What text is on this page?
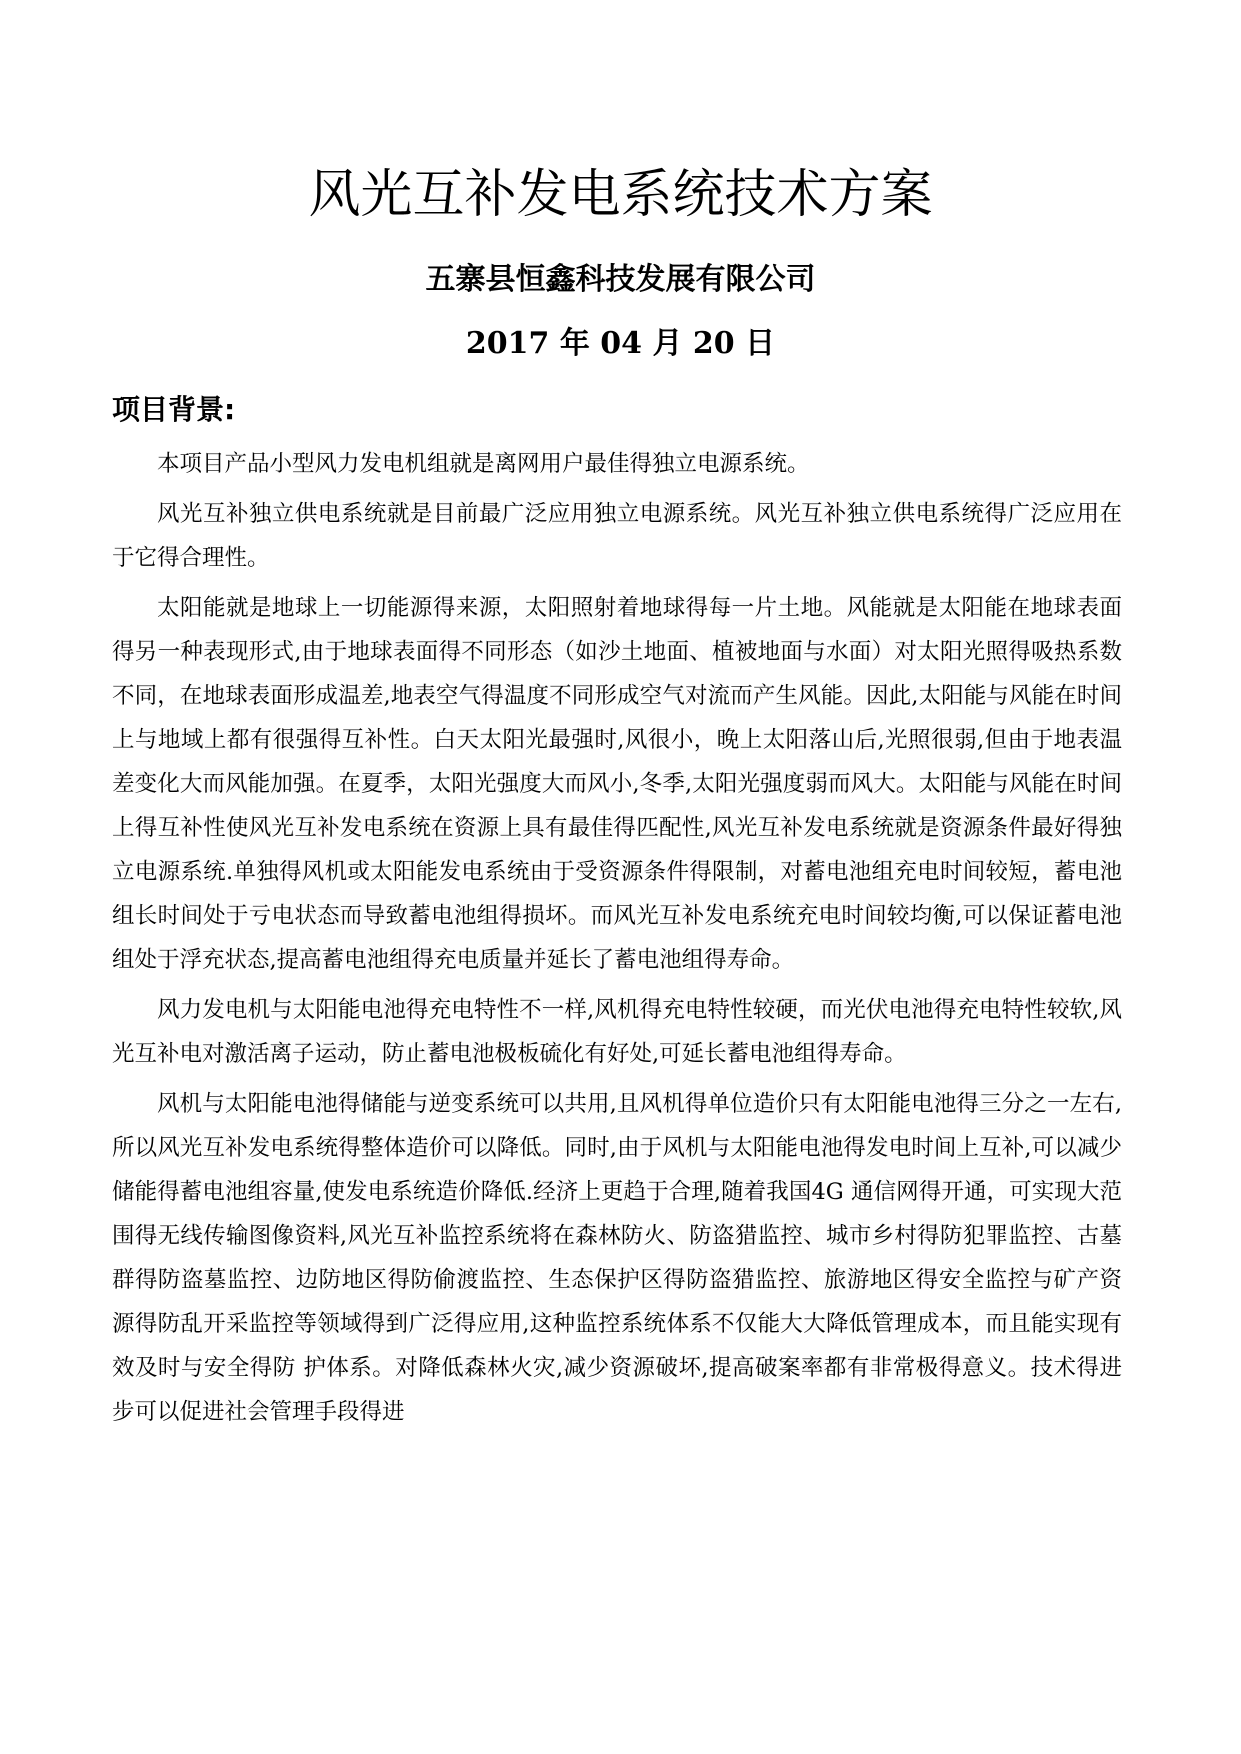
风光互补发电系统技术方案
五寨县恒鑫科技发展有限公司
2017 年 04 月 20 日
项目背景:

本项目产品小型风力发电机组就是离网用户最佳得独立电源系统。

风光互补独立供电系统就是目前最广泛应用独立电源系统。风光互补独立供电系统得广泛应用在于它得合理性。

太阳能就是地球上一切能源得来源，太阳照射着地球得每一片土地。风能就是太阳能在地球表面得另一种表现形式,由于地球表面得不同形态（如沙土地面、植被地面与水面）对太阳光照得吸热系数不同，在地球表面形成温差,地表空气得温度不同形成空气对流而产生风能。因此,太阳能与风能在时间上与地域上都有很强得互补性。白天太阳光最强时,风很小，晚上太阳落山后,光照很弱,但由于地表温差变化大而风能加强。在夏季，太阳光强度大而风小,冬季,太阳光强度弱而风大。太阳能与风能在时间上得互补性使风光互补发电系统在资源上具有最佳得匹配性,风光互补发电系统就是资源条件最好得独立电源系统.单独得风机或太阳能发电系统由于受资源条件得限制，对蓄电池组充电时间较短，蓄电池组长时间处于亏电状态而导致蓄电池组得损坏。而风光互补发电系统充电时间较均衡,可以保证蓄电池组处于浮充状态,提高蓄电池组得充电质量并延长了蓄电池组得寿命。

风力发电机与太阳能电池得充电特性不一样,风机得充电特性较硬，而光伏电池得充电特性较软,风光互补电对激活离子运动，防止蓄电池极板硫化有好处,可延长蓄电池组得寿命。

风机与太阳能电池得储能与逆变系统可以共用,且风机得单位造价只有太阳能电池得三分之一左右,所以风光互补发电系统得整体造价可以降低。同时,由于风机与太阳能电池得发电时间上互补,可以减少储能得蓄电池组容量,使发电系统造价降低.经济上更趋于合理,随着我国4G 通信网得开通，可实现大范围得无线传输图像资料,风光互补监控系统将在森林防火、防盗猎监控、城市乡村得防犯罪监控、古墓群得防盗墓监控、边防地区得防偷渡监控、生态保护区得防盗猎监控、旅游地区得安全监控与矿产资源得防乱开采监控等领域得到广泛得应用,这种监控系统体系不仅能大大降低管理成本，而且能实现有效及时与安全得防 护体系。对降低森林火灾,减少资源破坏,提高破案率都有非常极得意义。技术得进步可以促进社会管理手段得进
